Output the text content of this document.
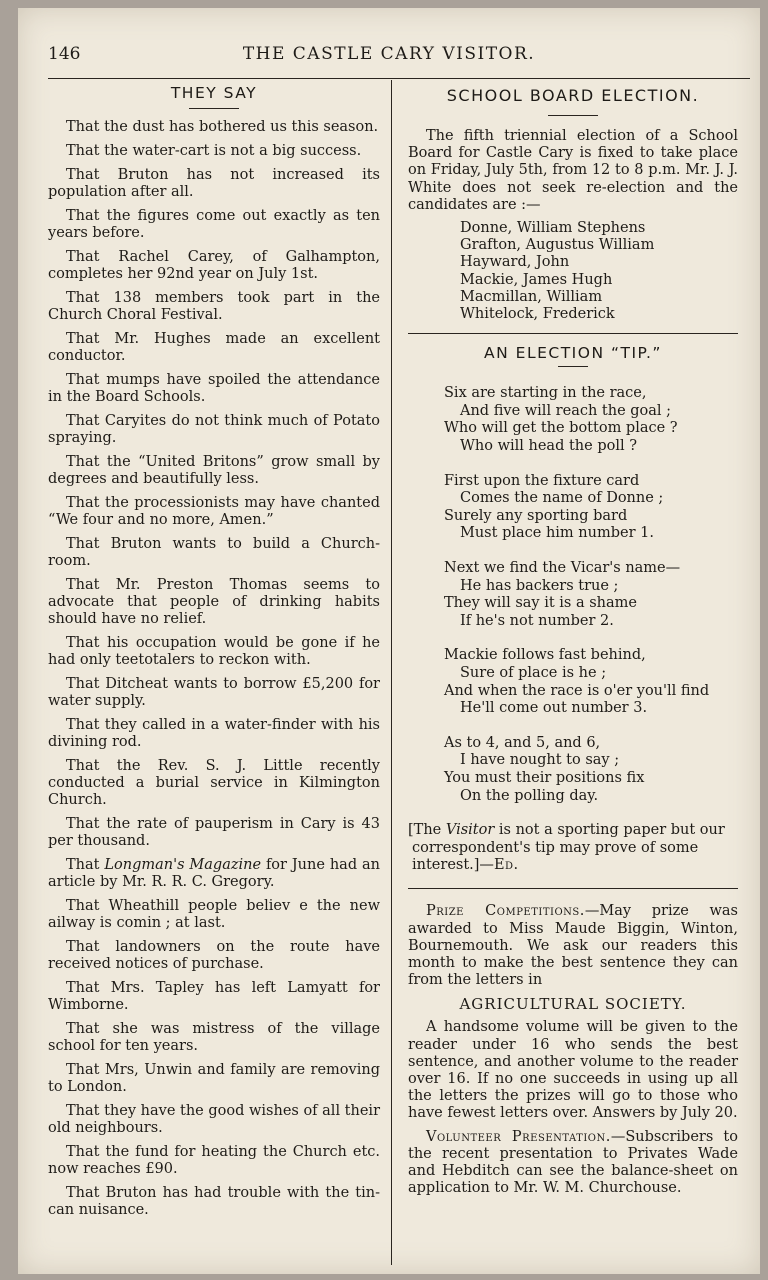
146	THE CASTLE CARY VISITOR.
THEY SAY

That the dust has bothered us this season.

That the water-cart is not a big success.

That Bruton has not increased its population after all.

That the figures come out exactly as ten years before.

That Rachel Carey, of Galhampton, completes her 92nd year on July 1st.

That 138 members took part in the Church Choral Festival.

That Mr. Hughes made an excellent conductor.

That mumps have spoiled the attendance in the Board Schools.

That Caryites do not think much of Potato spraying.

That the “United Britons” grow small by degrees and beautifully less.

That the processionists may have chanted “We four and no more, Amen.”

That Bruton wants to build a Church-room.

That Mr. Preston Thomas seems to advocate that people of drinking habits should have no relief.

That his occupation would be gone if he had only teetotalers to reckon with.

That Ditcheat wants to borrow £5,200 for water supply.

That they called in a water-finder with his divining rod.

That the Rev. S. J. Little recently conducted a burial service in Kilmington Church.

That the rate of pauperism in Cary is 43 per thousand.

That Longman's Magazine for June had an article by Mr. R. R. C. Gregory.

That Wheathill people believ e the new ailway is comin ; at last.

That landowners on the route have received notices of purchase.

That Mrs. Tapley has left Lamyatt for Wimborne.

That she was mistress of the village school for ten years.

That Mrs, Unwin and family are removing to London.

That they have the good wishes of all their old neighbours.

That the fund for heating the Church etc. now reaches £90.

That Bruton has had trouble with the tin-can nuisance.

SCHOOL BOARD ELECTION.

The fifth triennial election of a School Board for Castle Cary is fixed to take place on Friday, July 5th, from 12 to 8 p.m. Mr. J. J. White does not seek re-election and the candidates are :—

Donne, William Stephens
Grafton, Augustus William
Hayward, John
Mackie, James Hugh
Macmillan, William
Whitelock, Frederick
AN ELECTION “TIP.”
Six are starting in the race,
And five will reach the goal ;
Who will get the bottom place ?
Who will head the poll ?
First upon the fixture card
Comes the name of Donne ;
Surely any sporting bard
Must place him number 1.
Next we find the Vicar's name—
He has backers true ;
They will say it is a shame
If he's not number 2.
Mackie follows fast behind,
Sure of place is he ;
And when the race is o'er you'll find
He'll come out number 3.
As to 4, and 5, and 6,
I have nought to say ;
You must their positions fix
On the polling day.

[The Visitor is not a sporting paper but our correspondent's tip may prove of some interest.]—Ed.

Prize Competitions.—May prize was awarded to Miss Maude Biggin, Winton, Bournemouth. We ask our readers this month to make the best sentence they can from the letters in

AGRICULTURAL SOCIETY.

A handsome volume will be given to the reader under 16 who sends the best sentence, and another volume to the reader over 16. If no one succeeds in using up all the letters the prizes will go to those who have fewest letters over. Answers by July 20.

Volunteer Presentation.—Subscribers to the recent presentation to Privates Wade and Hebditch can see the balance-sheet on application to Mr. W. M. Churchouse.
